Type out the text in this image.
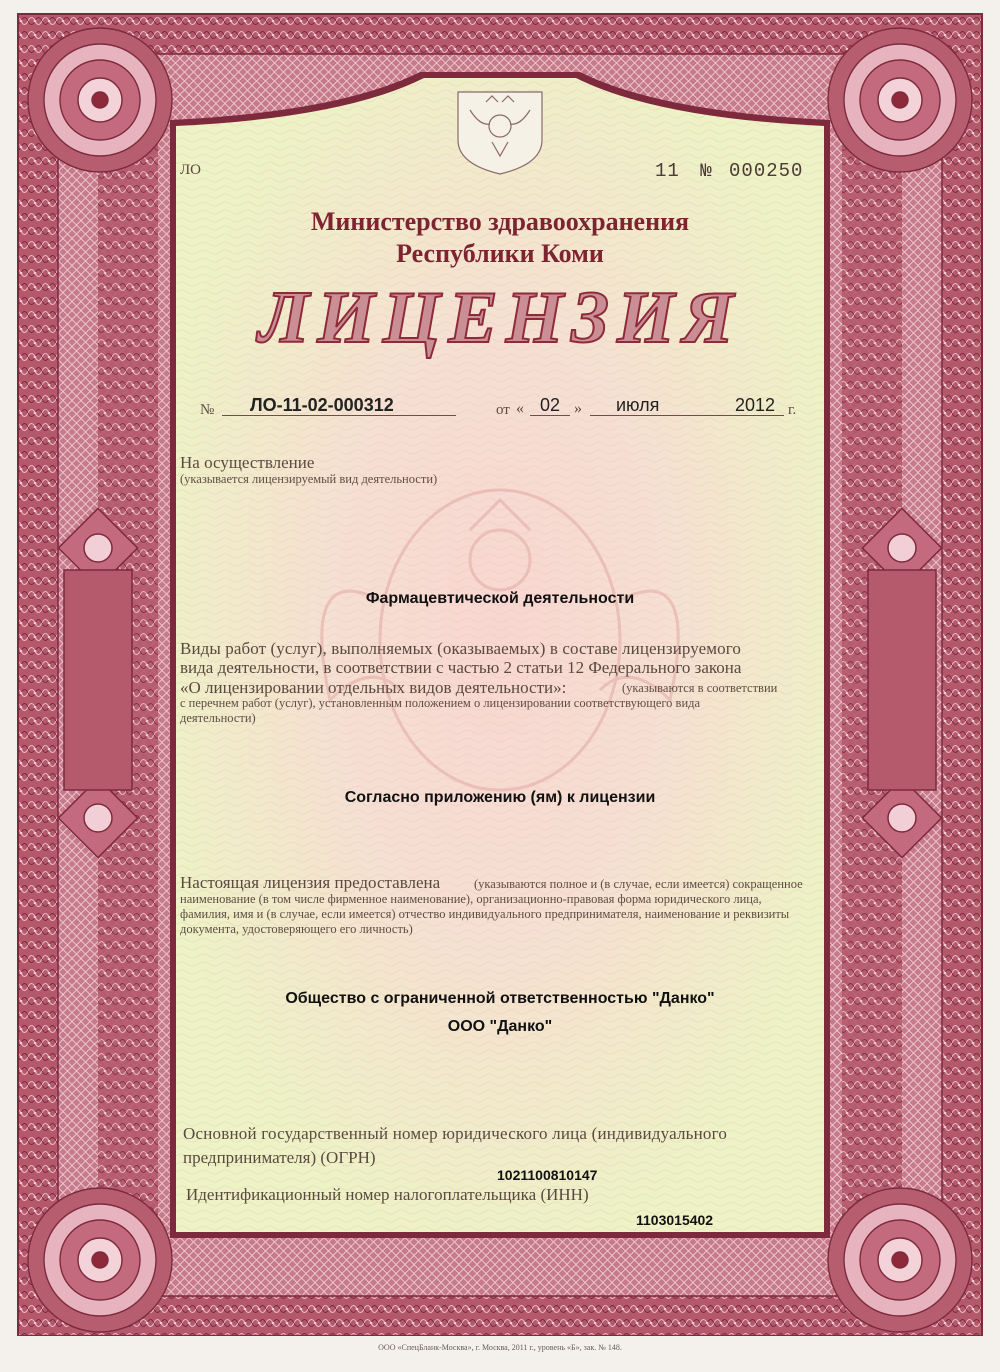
ЛО	11 № 000250
Министерство здравоохранения
Республики Коми
ЛИЦЕНЗИЯ
№ ЛО-11-02-000312	от « 02 » июля	2012 г.
На осуществление
(указывается лицензируемый вид деятельности)
Фармацевтической деятельности
Виды работ (услуг), выполняемых (оказываемых) в составе лицензируемого
вида деятельности, в соответствии с частью 2 статьи 12 Федерального закона
«О лицензировании отдельных видов деятельности»:	(указываются в соответствии
с перечнем работ (услуг), установленным положением о лицензировании соответствующего вида
деятельности)
Согласно приложению (ям) к лицензии
Настоящая лицензия предоставлена	(указываются полное и (в случае, если имеется) сокращенное
наименование (в том числе фирменное наименование), организационно-правовая форма юридического лица,
фамилия, имя и (в случае, если имеется) отчество индивидуального предпринимателя, наименование и реквизиты
документа, удостоверяющего его личность)
Общество с ограниченной ответственностью "Данко"
ООО "Данко"
Основной государственный номер юридического лица (индивидуального
предпринимателя) (ОГРН)
1021100810147
Идентификационный номер налогоплательщика (ИНН)
1103015402
ООО «СпецБланк-Москва», г. Москва, 2011 г., уровень «Б», зак. № 148.
